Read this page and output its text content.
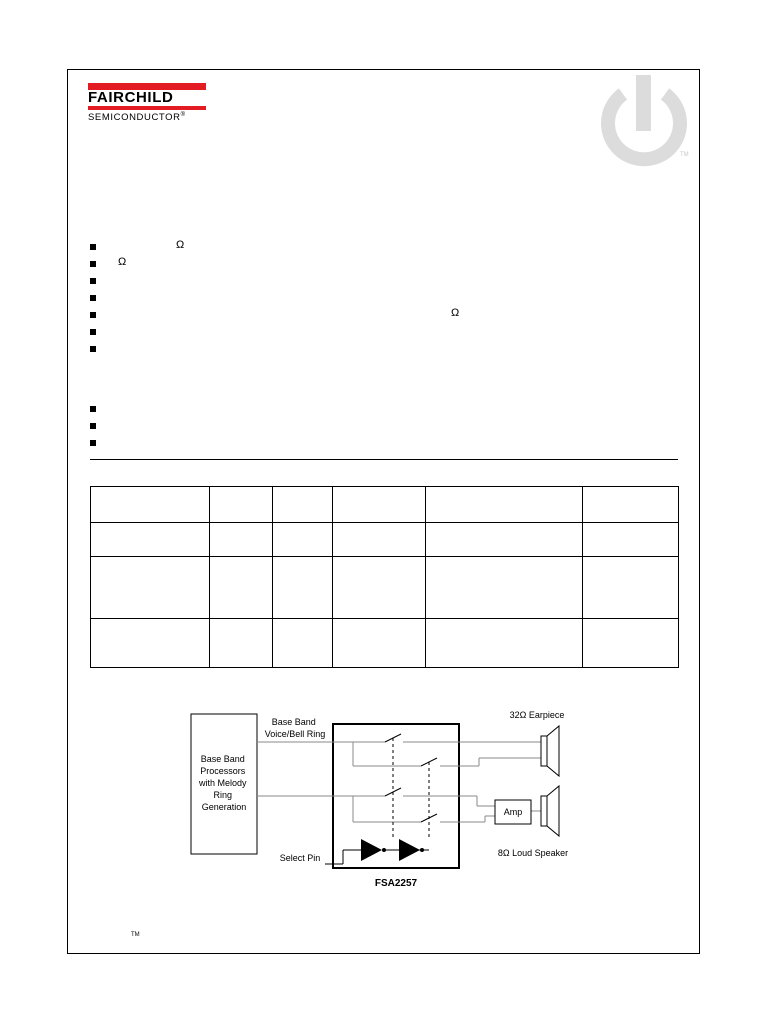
FAIRCHILD
SEMICONDUCTOR®
TM
Ω
Ω
Ω

Base Band Processors with Melody Ring Generation
Base Band Voice/Bell Ring
FSA2257
Select Pin
32Ω Earpiece
Amp
8Ω Loud Speaker
TM
